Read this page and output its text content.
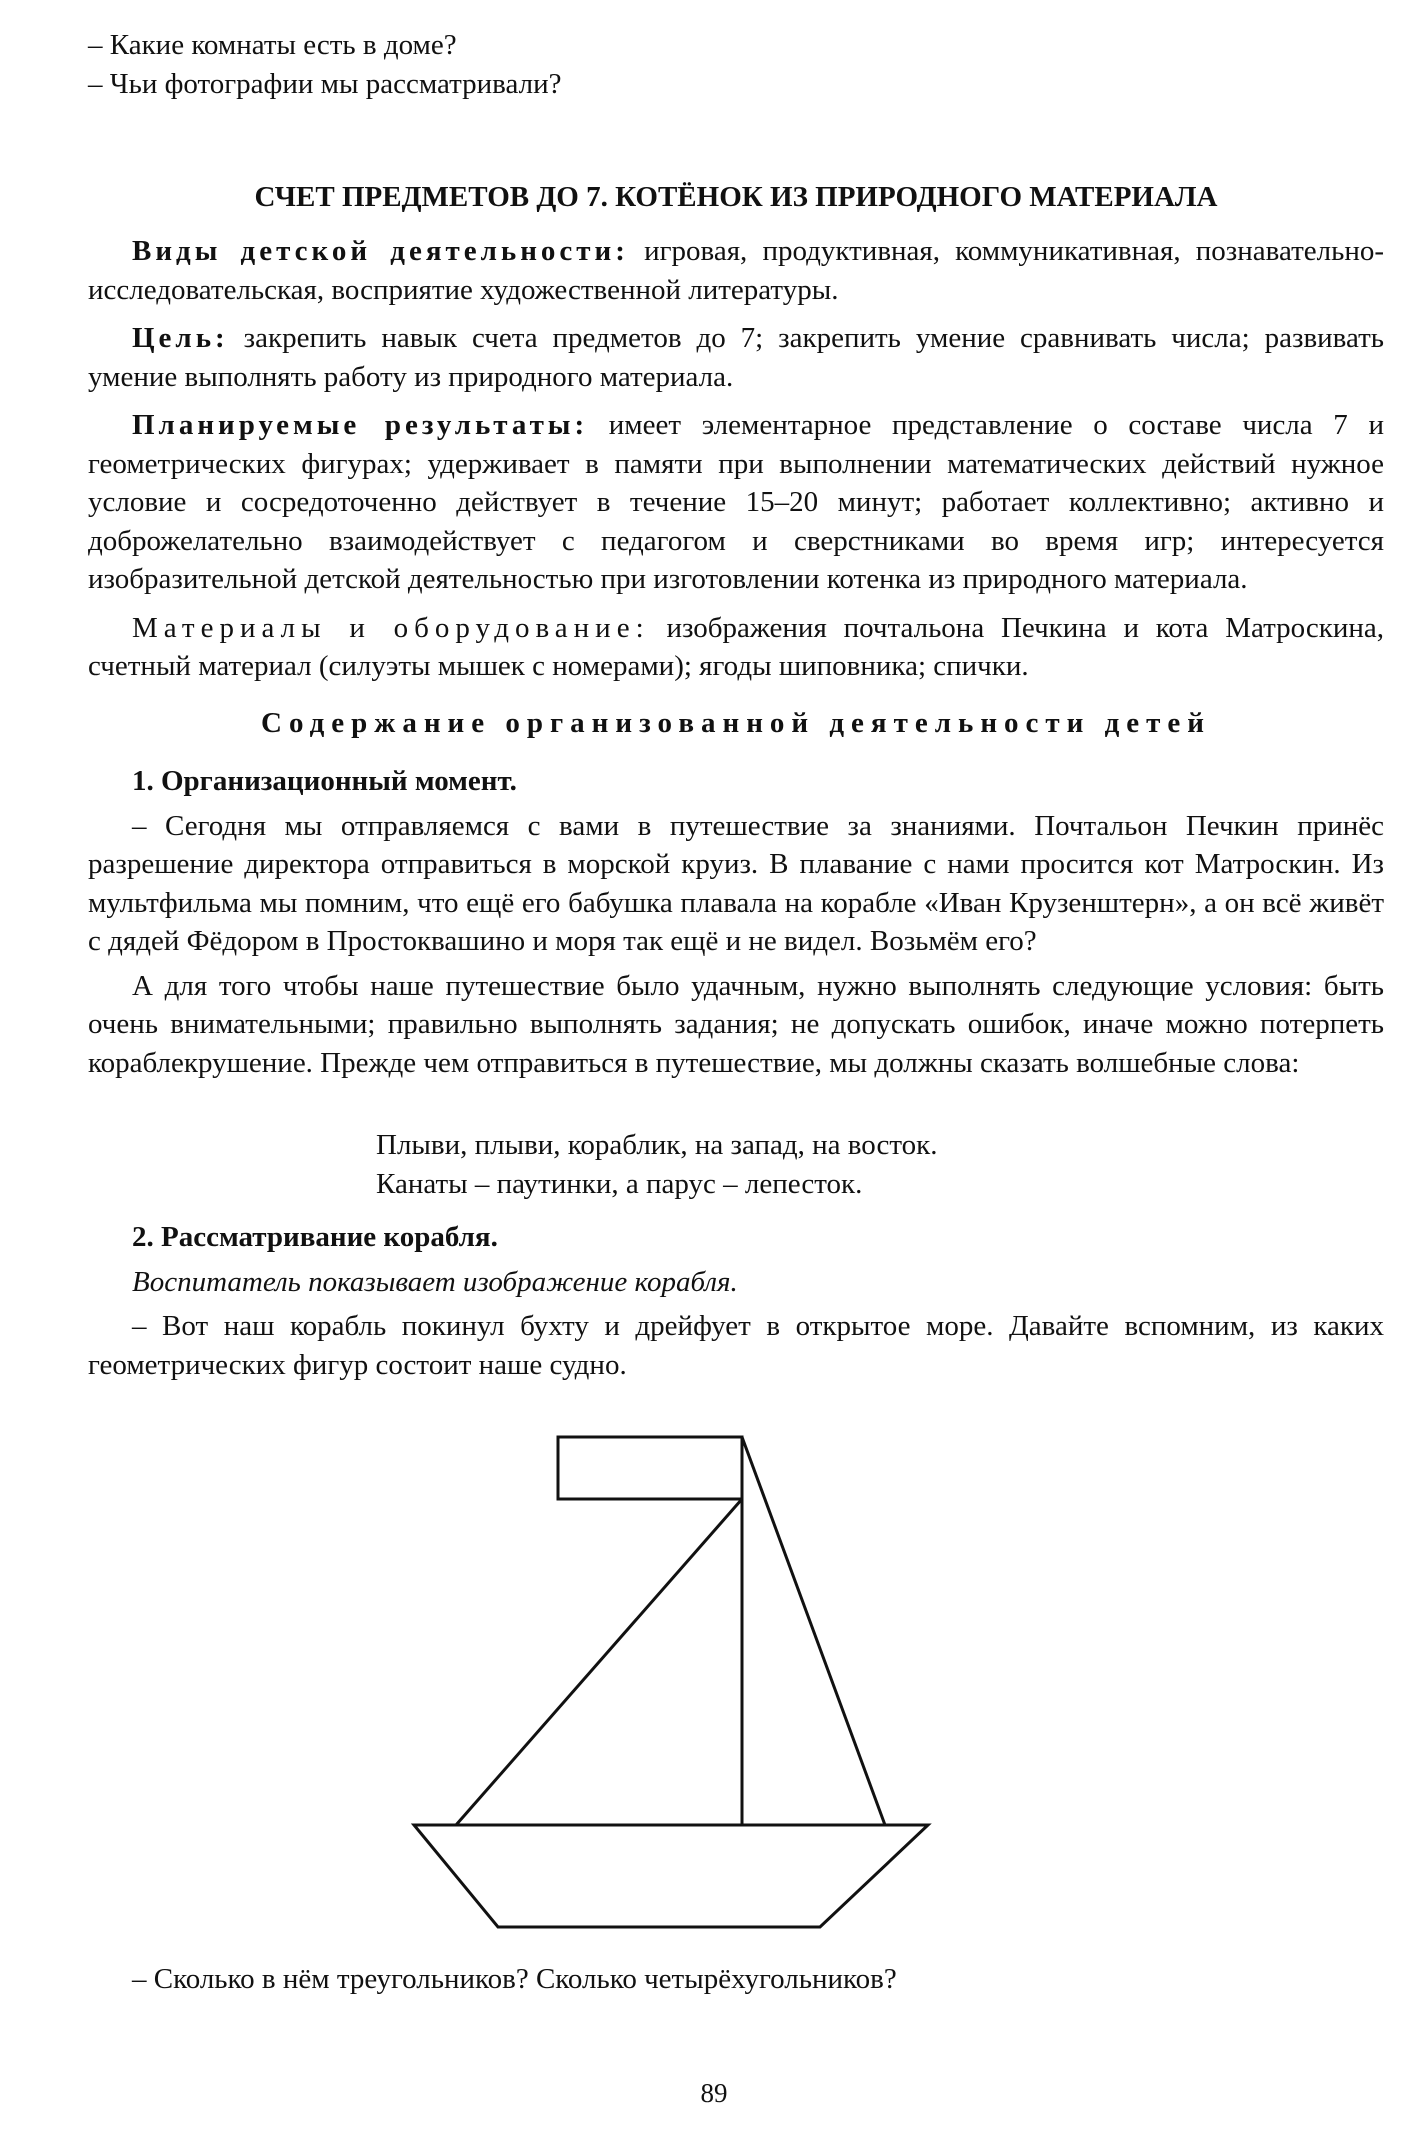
– Какие комнаты есть в доме?

– Чьи фотографии мы рассматривали?

СЧЕТ ПРЕДМЕТОВ ДО 7. КОТЁНОК ИЗ ПРИРОДНОГО МАТЕРИАЛА

Виды детской деятельности: игровая, продуктивная, коммуникативная, познавательно-исследовательская, восприятие художественной литературы.

Цель: закрепить навык счета предметов до 7; закрепить умение сравнивать числа; развивать умение выполнять работу из природного материала.

Планируемые результаты: имеет элементарное представление о составе числа 7 и геометрических фигурах; удерживает в памяти при выполнении математических действий нужное условие и сосредоточенно действует в течение 15–20 минут; работает коллективно; активно и доброжелательно взаимодействует с педагогом и сверстниками во время игр; интересуется изобразительной детской деятельностью при изготовлении котенка из природного материала.

Материалы и оборудование: изображения почтальона Печкина и кота Матроскина, счетный материал (силуэты мышек с номерами); ягоды шиповника; спички.

Содержание организованной деятельности детей

1. Организационный момент.

– Сегодня мы отправляемся с вами в путешествие за знаниями. Почтальон Печкин принёс разрешение директора отправиться в морской круиз. В плавание с нами просится кот Матроскин. Из мультфильма мы помним, что ещё его бабушка плавала на корабле «Иван Крузенштерн», а он всё живёт с дядей Фёдором в Простоквашино и моря так ещё и не видел. Возьмём его?

А для того чтобы наше путешествие было удачным, нужно выполнять следующие условия: быть очень внимательными; правильно выполнять задания; не допускать ошибок, иначе можно потерпеть кораблекрушение. Прежде чем отправиться в путешествие, мы должны сказать волшебные слова:

Плыви, плыви, кораблик, на запад, на восток.

Канаты – паутинки, а парус – лепесток.

2. Рассматривание корабля.

Воспитатель показывает изображение корабля.

– Вот наш корабль покинул бухту и дрейфует в открытое море. Давайте вспомним, из каких геометрических фигур состоит наше судно.

– Сколько в нём треугольников? Сколько четырёхугольников?

89
